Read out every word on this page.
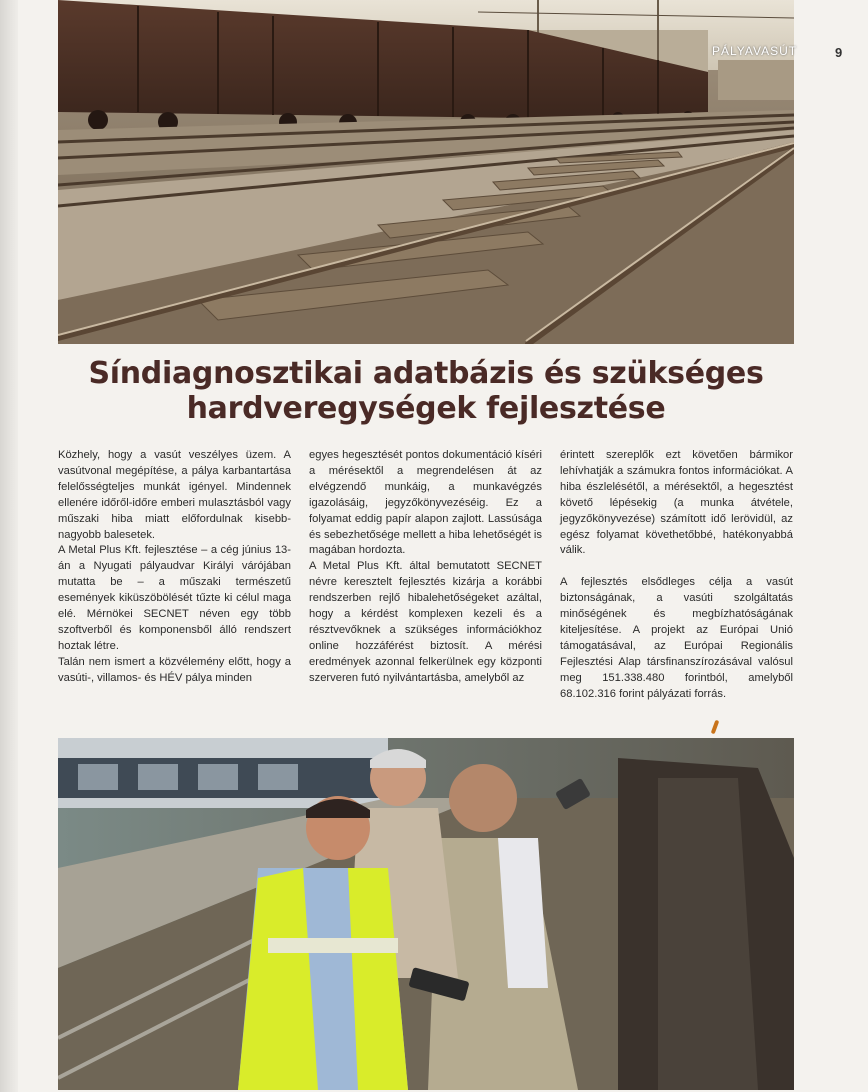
PÁLYAVASÚT	9
Síndiagnosztikai adatbázis és szükséges
hardveregységek fejlesztése

Közhely, hogy a vasút veszélyes üzem. A vasútvonal megépítése, a pálya karbantartása felelősségteljes munkát igényel. Mindennek ellenére időről-időre emberi mulasztásból vagy műszaki hiba miatt előfordulnak kisebb-nagyobb balesetek.

A Metal Plus Kft. fejlesztése – a cég június 13-án a Nyugati pályaudvar Királyi várójában mutatta be – a műszaki természetű események kiküszöbölését tűzte ki célul maga elé. Mérnökei SECNET néven egy több szoftverből és komponensből álló rendszert hoztak létre.

Talán nem ismert a közvélemény előtt, hogy a vasúti-, villamos- és HÉV pálya minden

egyes hegesztését pontos dokumentáció kíséri a mérésektől a megrendelésen át az elvégzendő munkáig, a munkavégzés igazolásáig, jegyzőkönyvezéséig. Ez a folyamat eddig papír alapon zajlott. Lassúsága és sebezhetősége mellett a hiba lehetőségét is magában hordozta.

A Metal Plus Kft. által bemutatott SECNET névre keresztelt fejlesztés kizárja a korábbi rendszerben rejlő hibalehetőségeket azáltal, hogy a kérdést komplexen kezeli és a résztvevőknek a szükséges információkhoz online hozzáférést biztosít. A mérési eredmények azonnal felkerülnek egy központi szerveren futó nyilvántartásba, amelyből az

érintett szereplők ezt követően bármikor lehívhatják a számukra fontos információkat. A hiba észlelésétől, a mérésektől, a hegesztést követő lépésekig (a munka átvétele, jegyzőkönyvezése) számított idő lerövidül, az egész folyamat követhetőbbé, hatékonyabbá válik.

A fejlesztés elsődleges célja a vasút biztonságának, a vasúti szolgáltatás minőségének és megbízhatóságának kiteljesítése. A projekt az Európai Unió támogatásával, az Európai Regionális Fejlesztési Alap társfinanszírozásával valósul meg 151.338.480 forintból, amelyből 68.102.316 forint pályázati forrás.
